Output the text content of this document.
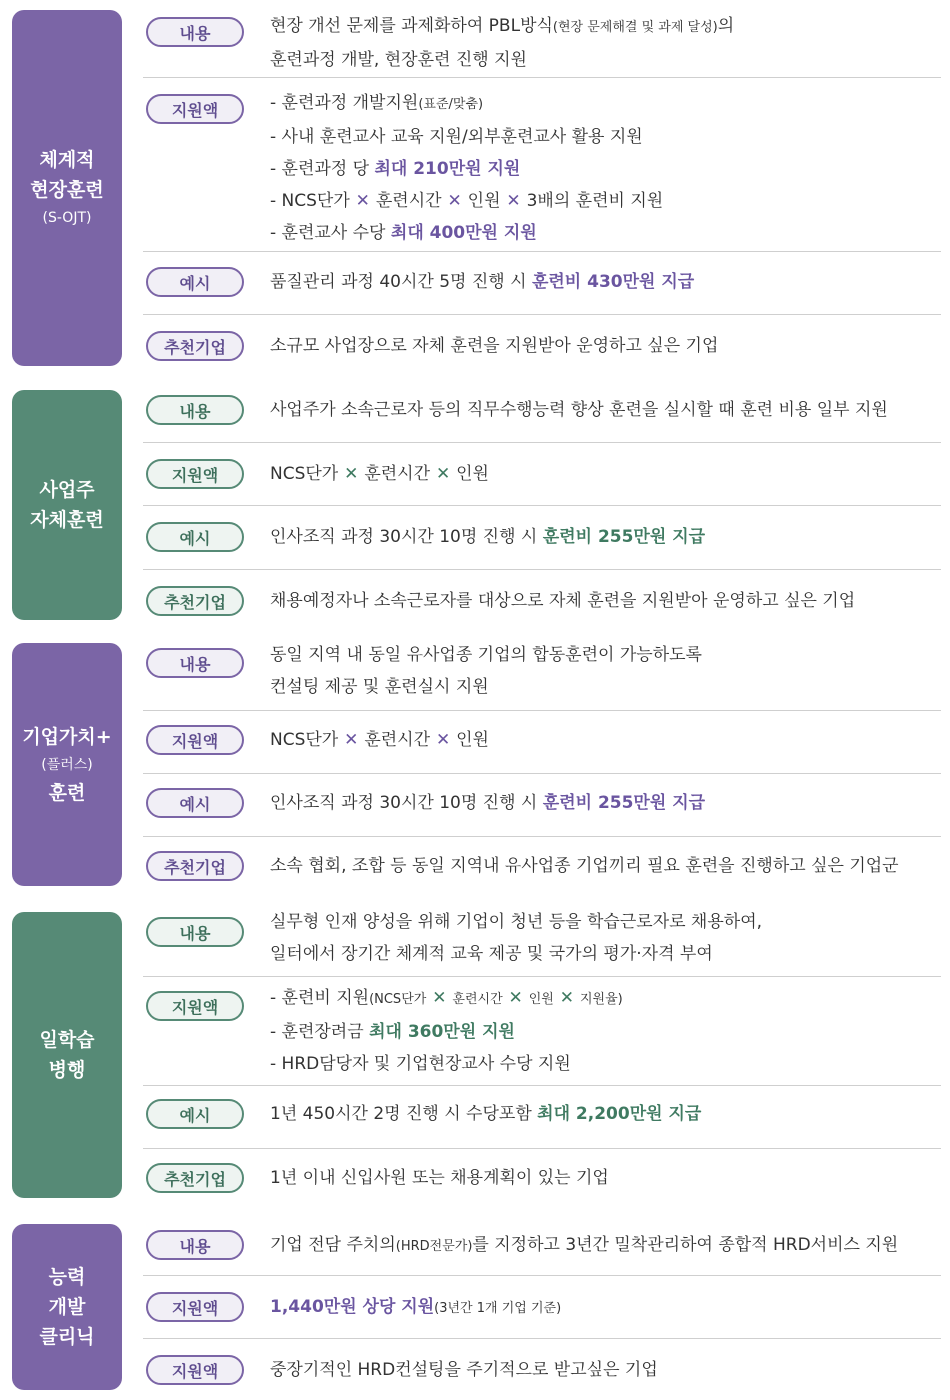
체계적
현장훈련
(S-OJT)
내용	현장 개선 문제를 과제화하여 PBL방식(현장 문제해결 및 과제 달성)의
훈련과정 개발, 현장훈련 진행 지원
지원액	- 훈련과정 개발지원(표준/맞춤)
- 사내 훈련교사 교육 지원/외부훈련교사 활용 지원
- 훈련과정 당 최대 210만원 지원
- NCS단가 ✕ 훈련시간 ✕ 인원 ✕ 3배의 훈련비 지원
- 훈련교사 수당 최대 400만원 지원
예시	품질관리 과정 40시간 5명 진행 시 훈련비 430만원 지급
추천기업	소규모 사업장으로 자체 훈련을 지원받아 운영하고 싶은 기업
사업주
자체훈련
내용	사업주가 소속근로자 등의 직무수행능력 향상 훈련을 실시할 때 훈련 비용 일부 지원
지원액	NCS단가 ✕ 훈련시간 ✕ 인원
예시	인사조직 과정 30시간 10명 진행 시 훈련비 255만원 지급
추천기업	채용예정자나 소속근로자를 대상으로 자체 훈련을 지원받아 운영하고 싶은 기업
기업가치+
(플러스)
훈련
내용	동일 지역 내 동일 유사업종 기업의 합동훈련이 가능하도록
컨설팅 제공 및 훈련실시 지원
지원액	NCS단가 ✕ 훈련시간 ✕ 인원
예시	인사조직 과정 30시간 10명 진행 시 훈련비 255만원 지급
추천기업	소속 협회, 조합 등 동일 지역내 유사업종 기업끼리 필요 훈련을 진행하고 싶은 기업군
일학습
병행
내용
실무형 인재 양성을 위해 기업이 청년 등을 학습근로자로 채용하여,
일터에서 장기간 체계적 교육 제공 및 국가의 평가·자격 부여
지원액	- 훈련비 지원(NCS단가 ✕ 훈련시간 ✕ 인원 ✕ 지원율)
- 훈련장려금 최대 360만원 지원
- HRD담당자 및 기업현장교사 수당 지원
예시	1년 450시간 2명 진행 시 수당포함 최대 2,200만원 지급
추천기업	1년 이내 신입사원 또는 채용계획이 있는 기업
능력
개발
클리닉
내용	기업 전담 주치의(HRD전문가)를 지정하고 3년간 밀착관리하여 종합적 HRD서비스 지원
지원액	1,440만원 상당 지원(3년간 1개 기업 기준)
지원액	중장기적인 HRD컨설팅을 주기적으로 받고싶은 기업
